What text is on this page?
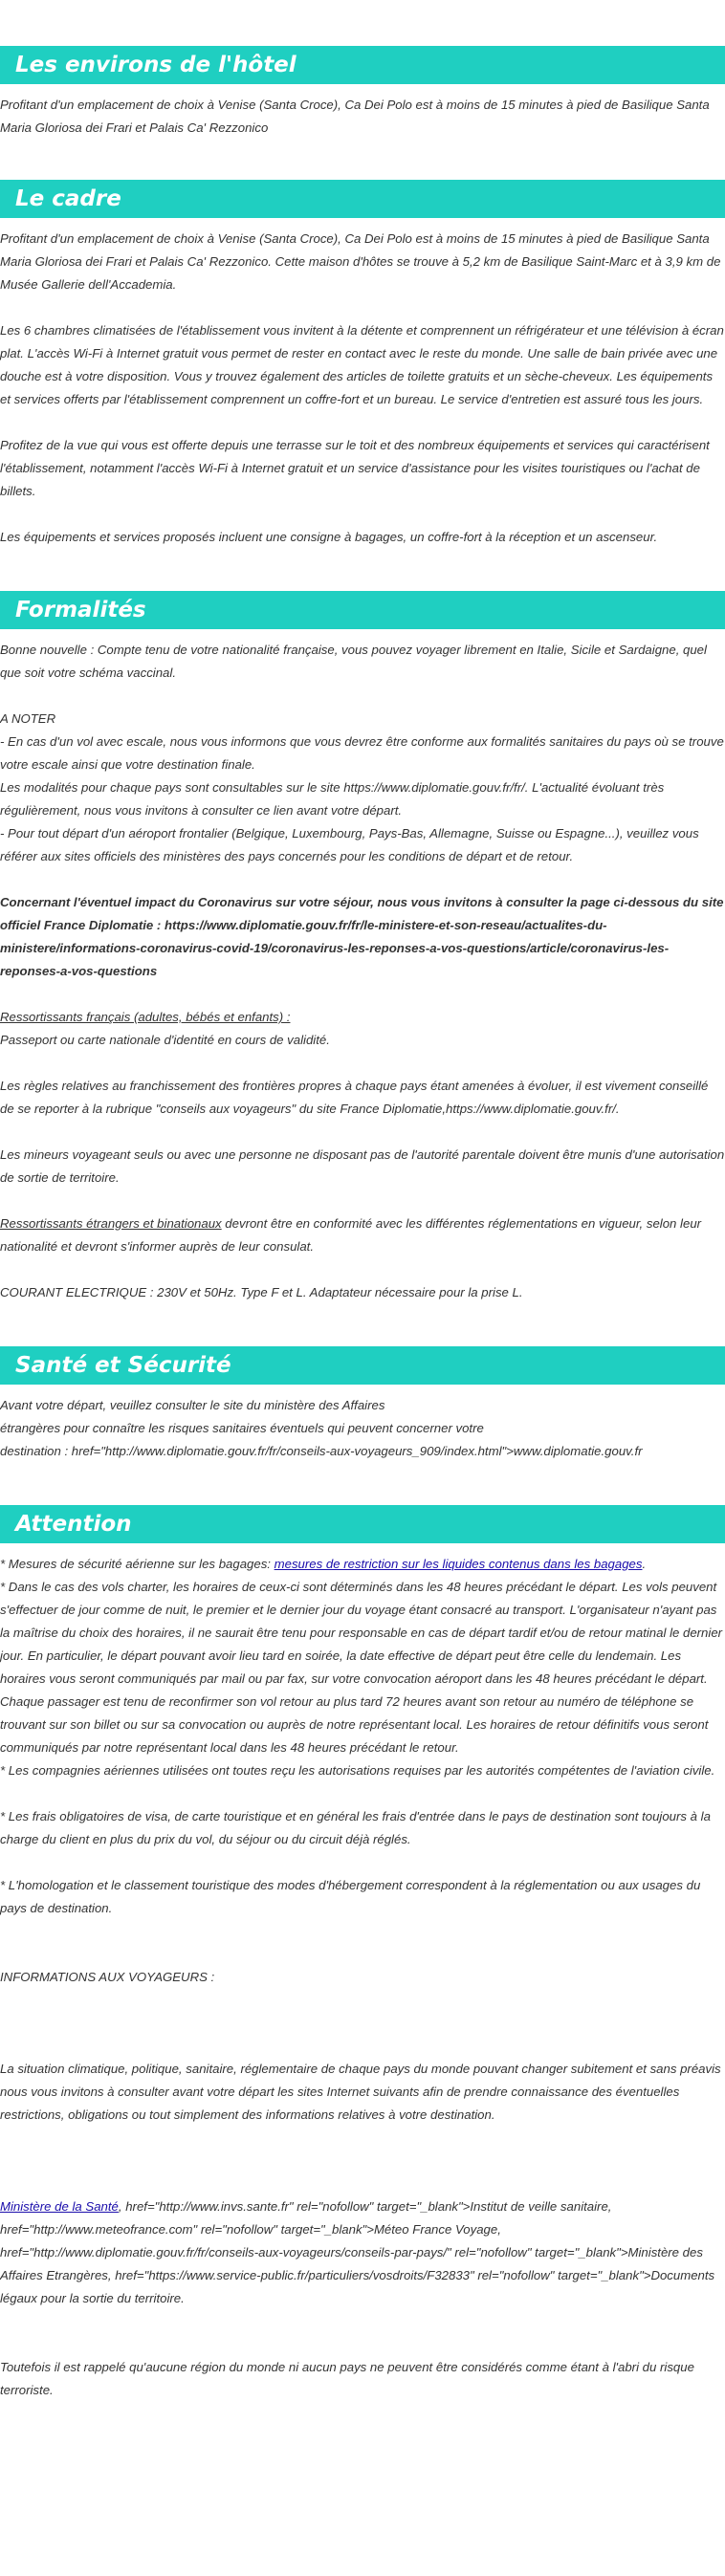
Les environs de l'hôtel

Profitant d'un emplacement de choix à Venise (Santa Croce), Ca Dei Polo est à moins de 15 minutes à pied de Basilique Santa Maria Gloriosa dei Frari et Palais Ca' Rezzonico

Le cadre

Profitant d'un emplacement de choix à Venise (Santa Croce), Ca Dei Polo est à moins de 15 minutes à pied de Basilique Santa Maria Gloriosa dei Frari et Palais Ca' Rezzonico. Cette maison d'hôtes se trouve à 5,2 km de Basilique Saint-Marc et à 3,9 km de Musée Gallerie dell'Accademia.

Les 6 chambres climatisées de l'établissement vous invitent à la détente et comprennent un réfrigérateur et une télévision à écran plat. L'accès Wi-Fi à Internet gratuit vous permet de rester en contact avec le reste du monde. Une salle de bain privée avec une douche est à votre disposition. Vous y trouvez également des articles de toilette gratuits et un sèche-cheveux. Les équipements et services offerts par l'établissement comprennent un coffre-fort et un bureau. Le service d'entretien est assuré tous les jours.

Profitez de la vue qui vous est offerte depuis une terrasse sur le toit et des nombreux équipements et services qui caractérisent l'établissement, notamment l'accès Wi-Fi à Internet gratuit et un service d'assistance pour les visites touristiques ou l'achat de billets.

Les équipements et services proposés incluent une consigne à bagages, un coffre-fort à la réception et un ascenseur.

Formalités

Bonne nouvelle : Compte tenu de votre nationalité française, vous pouvez voyager librement en Italie, Sicile et Sardaigne, quel que soit votre schéma vaccinal.

A NOTER

- En cas d'un vol avec escale, nous vous informons que vous devrez être conforme aux formalités sanitaires du pays où se trouve votre escale ainsi que votre destination finale.

Les modalités pour chaque pays sont consultables sur le site https://www.diplomatie.gouv.fr/fr/. L'actualité évoluant très régulièrement, nous vous invitons à consulter ce lien avant votre départ.

- Pour tout départ d'un aéroport frontalier (Belgique, Luxembourg, Pays-Bas, Allemagne, Suisse ou Espagne...), veuillez vous référer aux sites officiels des ministères des pays concernés pour les conditions de départ et de retour.

Concernant l'éventuel impact du Coronavirus sur votre séjour, nous vous invitons à consulter la page ci-dessous du site officiel France Diplomatie : https://www.diplomatie.gouv.fr/fr/le-ministere-et-son-reseau/actualites-du-ministere/informations-coronavirus-covid-19/coronavirus-les-reponses-a-vos-questions/article/coronavirus-les-reponses-a-vos-questions

Ressortissants français (adultes, bébés et enfants) :

Passeport ou carte nationale d'identité en cours de validité.

Les règles relatives au franchissement des frontières propres à chaque pays étant amenées à évoluer, il est vivement conseillé de se reporter à la rubrique "conseils aux voyageurs" du site France Diplomatie,https://www.diplomatie.gouv.fr/.

Les mineurs voyageant seuls ou avec une personne ne disposant pas de l'autorité parentale doivent être munis d'une autorisation de sortie de territoire.

Ressortissants étrangers et binationaux devront être en conformité avec les différentes réglementations en vigueur, selon leur nationalité et devront s'informer auprès de leur consulat.

COURANT ELECTRIQUE : 230V et 50Hz. Type F et L. Adaptateur nécessaire pour la prise L.

Santé et Sécurité

Avant votre départ, veuillez consulter le site du ministère des Affaires

étrangères pour connaître les risques sanitaires éventuels qui peuvent concerner votre

destination : href="http://www.diplomatie.gouv.fr/fr/conseils-aux-voyageurs_909/index.html">www.diplomatie.gouv.fr

Attention

* Mesures de sécurité aérienne sur les bagages: mesures de restriction sur les liquides contenus dans les bagages.

* Dans le cas des vols charter, les horaires de ceux-ci sont déterminés dans les 48 heures précédant le départ. Les vols peuvent s'effectuer de jour comme de nuit, le premier et le dernier jour du voyage étant consacré au transport. L'organisateur n'ayant pas la maîtrise du choix des horaires, il ne saurait être tenu pour responsable en cas de départ tardif et/ou de retour matinal le dernier jour. En particulier, le départ pouvant avoir lieu tard en soirée, la date effective de départ peut être celle du lendemain. Les horaires vous seront communiqués par mail ou par fax, sur votre convocation aéroport dans les 48 heures précédant le départ. Chaque passager est tenu de reconfirmer son vol retour au plus tard 72 heures avant son retour au numéro de téléphone se trouvant sur son billet ou sur sa convocation ou auprès de notre représentant local. Les horaires de retour définitifs vous seront communiqués par notre représentant local dans les 48 heures précédant le retour.

* Les compagnies aériennes utilisées ont toutes reçu les autorisations requises par les autorités compétentes de l'aviation civile.

* Les frais obligatoires de visa, de carte touristique et en général les frais d'entrée dans le pays de destination sont toujours à la charge du client en plus du prix du vol, du séjour ou du circuit déjà réglés.

* L'homologation et le classement touristique des modes d'hébergement correspondent à la réglementation ou aux usages du pays de destination.

INFORMATIONS AUX VOYAGEURS :

La situation climatique, politique, sanitaire, réglementaire de chaque pays du monde pouvant changer subitement et sans préavis

nous vous invitons à consulter avant votre départ les sites Internet suivants afin de prendre connaissance des éventuelles restrictions, obligations ou tout simplement des informations relatives à votre destination.

Ministère de la Santé, href="http://www.invs.sante.fr" rel="nofollow" target="_blank">Institut de veille sanitaire, href="http://www.meteofrance.com" rel="nofollow" target="_blank">Méteo France Voyage, href="http://www.diplomatie.gouv.fr/fr/conseils-aux-voyageurs/conseils-par-pays/" rel="nofollow" target="_blank">Ministère des Affaires Etrangères, href="https://www.service-public.fr/particuliers/vosdroits/F32833" rel="nofollow" target="_blank">Documents légaux pour la sortie du territoire.

Toutefois il est rappelé qu'aucune région du monde ni aucun pays ne peuvent être considérés comme étant à l'abri du risque terroriste.
